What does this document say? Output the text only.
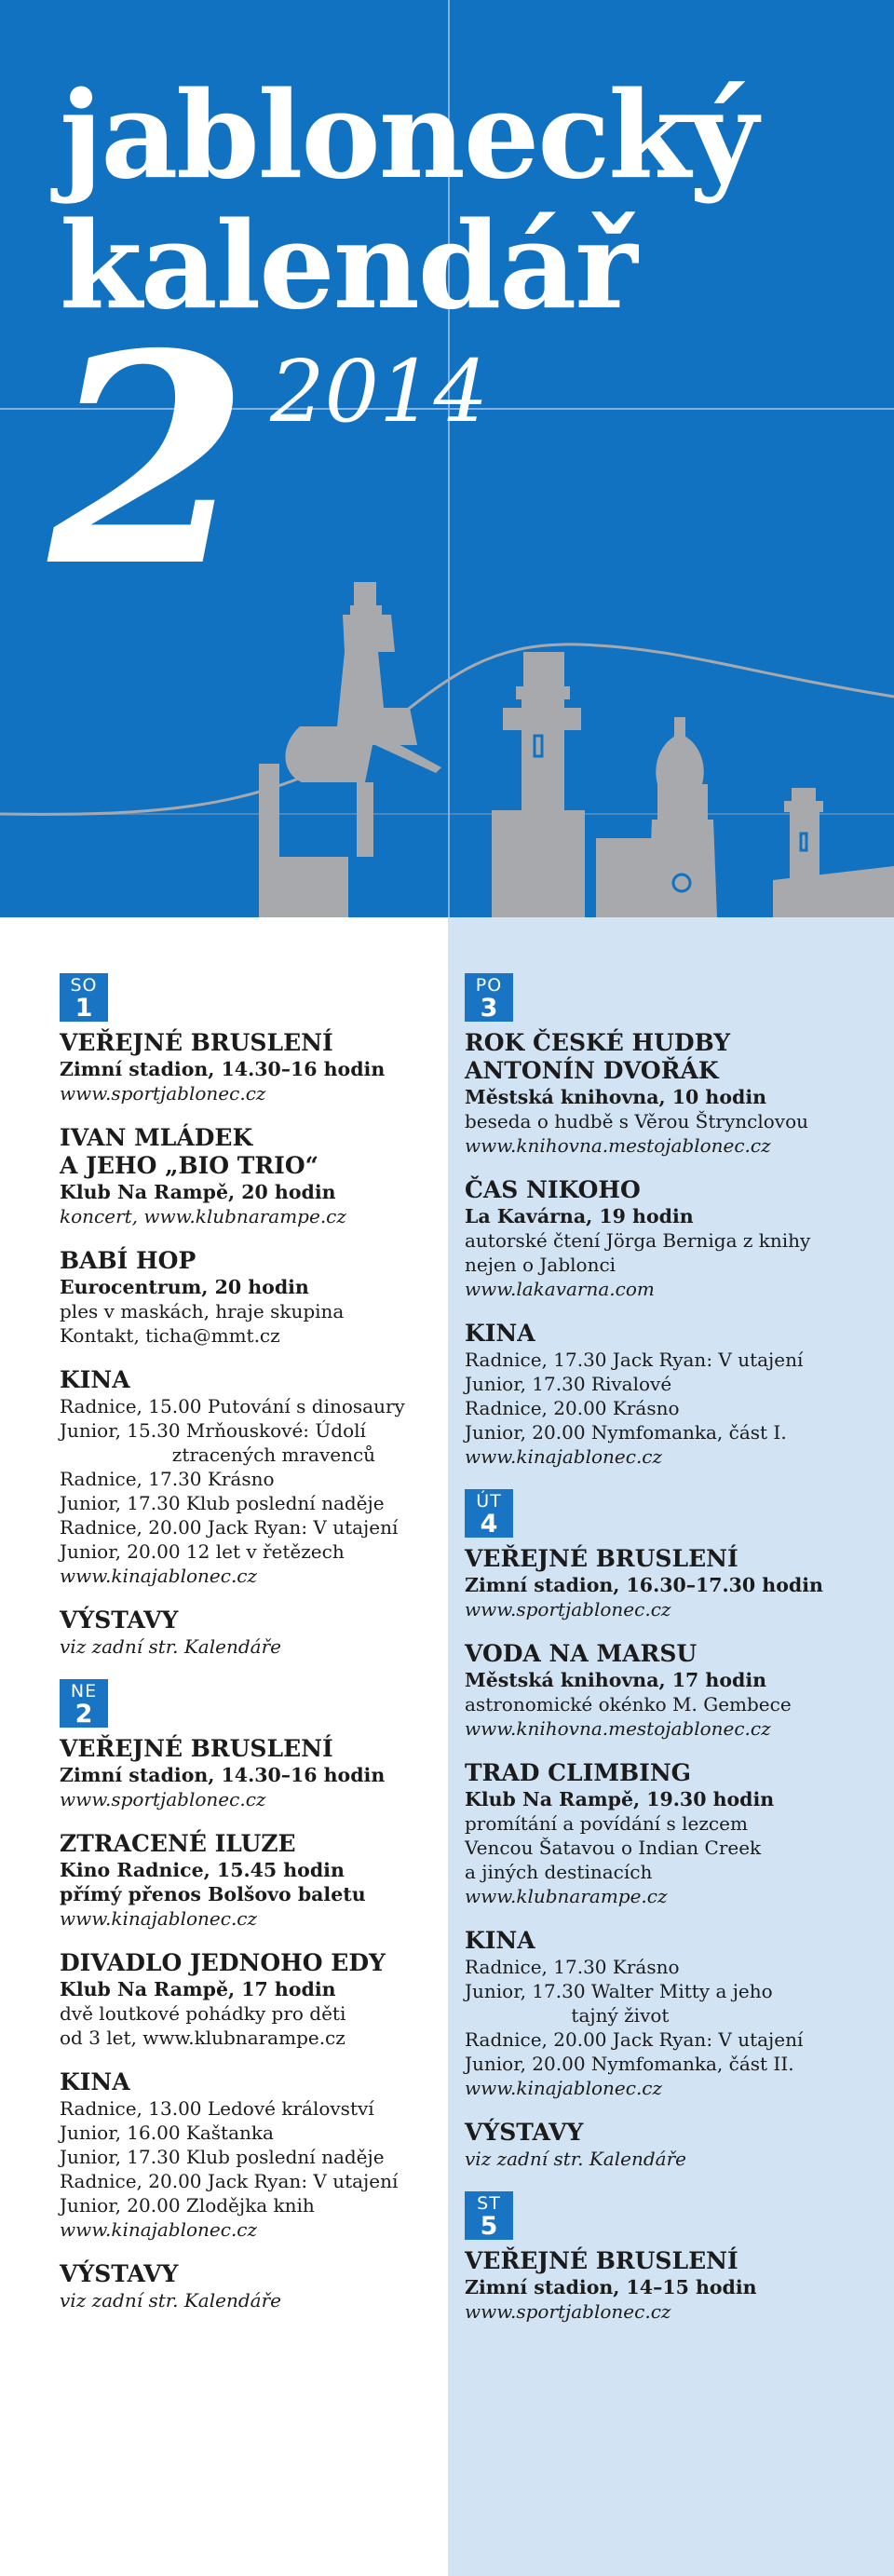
jablonecký
kalendář
2 2014
SO
1
VEŘEJNÉ BRUSLENÍ
Zimní stadion, 14.30–16 hodin
www.sportjablonec.cz
IVAN MLÁDEK
A JEHO „BIO TRIO“
Klub Na Rampě, 20 hodin
koncert, www.klubnarampe.cz
BABÍ HOP
Eurocentrum, 20 hodin
ples v maskách, hraje skupina
Kontakt, ticha@mmt.cz
KINA
Radnice, 15.00 Putování s dinosaury
Junior, 15.30 Mrňouskové: Údolí
ztracených mravenců
Radnice, 17.30 Krásno
Junior, 17.30 Klub poslední naděje
Radnice, 20.00 Jack Ryan: V utajení
Junior, 20.00 12 let v řetězech
www.kinajablonec.cz
VÝSTAVY
viz zadní str. Kalendáře
NE
2
VEŘEJNÉ BRUSLENÍ
Zimní stadion, 14.30–16 hodin
www.sportjablonec.cz
ZTRACENÉ ILUZE
Kino Radnice, 15.45 hodin
přímý přenos Bolšovo baletu
www.kinajablonec.cz
DIVADLO JEDNOHO EDY
Klub Na Rampě, 17 hodin
dvě loutkové pohádky pro děti
od 3 let, www.klubnarampe.cz
KINA
Radnice, 13.00 Ledové království
Junior, 16.00 Kaštanka
Junior, 17.30 Klub poslední naděje
Radnice, 20.00 Jack Ryan: V utajení
Junior, 20.00 Zlodějka knih
www.kinajablonec.cz
VÝSTAVY
viz zadní str. Kalendáře
PO
3
ROK ČESKÉ HUDBY
ANTONÍN DVOŘÁK
Městská knihovna, 10 hodin
beseda o hudbě s Věrou Štrynclovou
www.knihovna.mestojablonec.cz
ČAS NIKOHO
La Kavárna, 19 hodin
autorské čtení Jörga Berniga z knihy
nejen o Jablonci
www.lakavarna.com
KINA
Radnice, 17.30 Jack Ryan: V utajení
Junior, 17.30 Rivalové
Radnice, 20.00 Krásno
Junior, 20.00 Nymfomanka, část I.
www.kinajablonec.cz
ÚT
4
VEŘEJNÉ BRUSLENÍ
Zimní stadion, 16.30–17.30 hodin
www.sportjablonec.cz
VODA NA MARSU
Městská knihovna, 17 hodin
astronomické okénko M. Gembece
www.knihovna.mestojablonec.cz
TRAD CLIMBING
Klub Na Rampě, 19.30 hodin
promítání a povídání s lezcem
Vencou Šatavou o Indian Creek
a jiných destinacích
www.klubnarampe.cz
KINA
Radnice, 17.30 Krásno
Junior, 17.30 Walter Mitty a jeho
tajný život
Radnice, 20.00 Jack Ryan: V utajení
Junior, 20.00 Nymfomanka, část II.
www.kinajablonec.cz
VÝSTAVY
viz zadní str. Kalendáře
ST
5
VEŘEJNÉ BRUSLENÍ
Zimní stadion, 14–15 hodin
www.sportjablonec.cz
